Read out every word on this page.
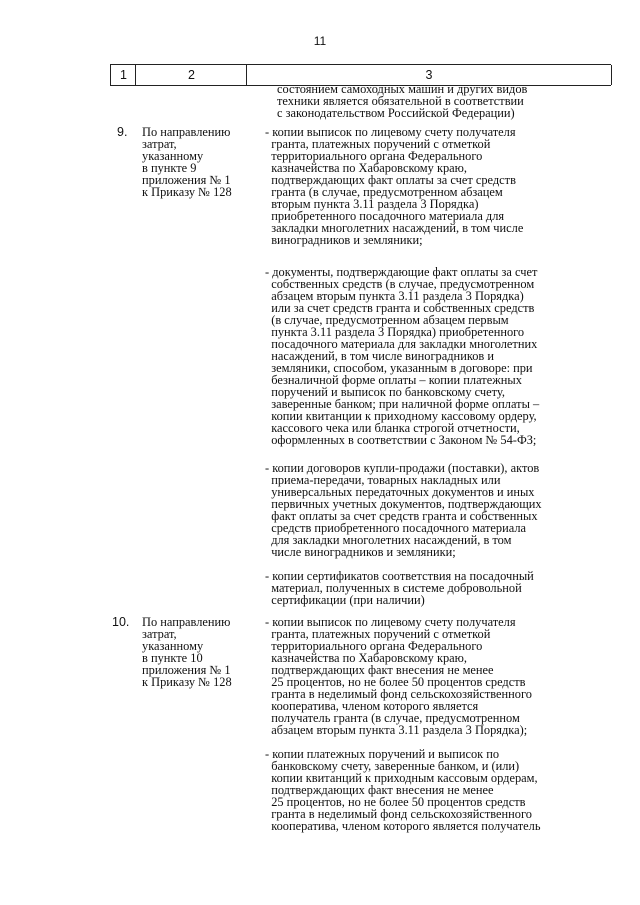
11
1	2	3
состоянием самоходных машин и других видов
техники является обязательной в соответствии
с законодательством Российской Федерации)
9. По направлению
затрат,
указанному
в пункте 9
приложения № 1
к Приказу № 128
- копии выписок по лицевому счету получателя
гранта, платежных поручений с отметкой
территориального органа Федерального
казначейства по Хабаровскому краю,
подтверждающих факт оплаты за счет средств
гранта (в случае, предусмотренном абзацем
вторым пункта 3.11 раздела 3 Порядка)
приобретенного посадочного материала для
закладки многолетних насаждений, в том числе
виноградников и земляники;
- документы, подтверждающие факт оплаты за счет
собственных средств (в случае, предусмотренном
абзацем вторым пункта 3.11 раздела 3 Порядка)
или за счет средств гранта и собственных средств
(в случае, предусмотренном абзацем первым
пункта 3.11 раздела 3 Порядка) приобретенного
посадочного материала для закладки многолетних
насаждений, в том числе виноградников и
земляники, способом, указанным в договоре: при
безналичной форме оплаты – копии платежных
поручений и выписок по банковскому счету,
заверенные банком; при наличной форме оплаты –
копии квитанции к приходному кассовому ордеру,
кассового чека или бланка строгой отчетности,
оформленных в соответствии с Законом № 54-ФЗ;
- копии договоров купли-продажи (поставки), актов
приема-передачи, товарных накладных или
универсальных передаточных документов и иных
первичных учетных документов, подтверждающих
факт оплаты за счет средств гранта и собственных
средств приобретенного посадочного материала
для закладки многолетних насаждений, в том
числе виноградников и земляники;
- копии сертификатов соответствия на посадочный
материал, полученных в системе добровольной
сертификации (при наличии)
10. По направлению
затрат,
указанному
в пункте 10
приложения № 1
к Приказу № 128
- копии выписок по лицевому счету получателя
гранта, платежных поручений с отметкой
территориального органа Федерального
казначейства по Хабаровскому краю,
подтверждающих факт внесения не менее
25 процентов, но не более 50 процентов средств
гранта в неделимый фонд сельскохозяйственного
кооператива, членом которого является
получатель гранта (в случае, предусмотренном
абзацем вторым пункта 3.11 раздела 3 Порядка);
- копии платежных поручений и выписок по
банковскому счету, заверенные банком, и (или)
копии квитанций к приходным кассовым ордерам,
подтверждающих факт внесения не менее
25 процентов, но не более 50 процентов средств
гранта в неделимый фонд сельскохозяйственного
кооператива, членом которого является получатель
